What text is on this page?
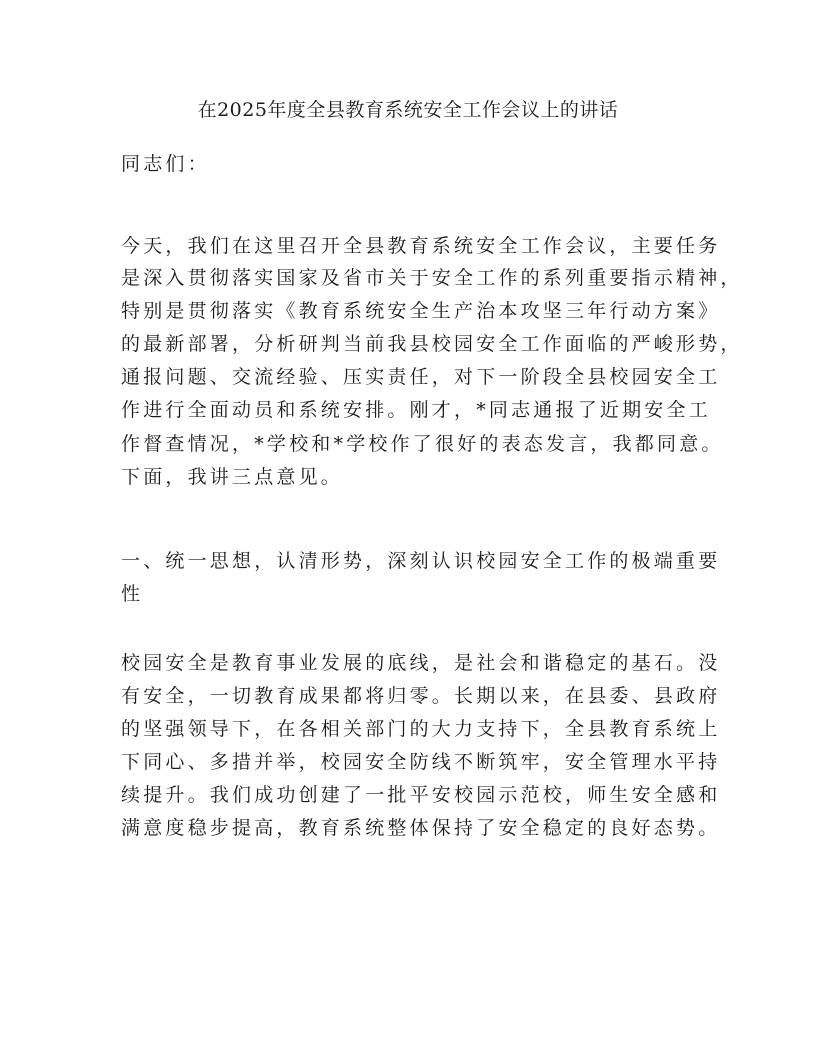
在2025年度全县教育系统安全工作会议上的讲话
同志们：
今天，我们在这里召开全县教育系统安全工作会议，主要任务
是深入贯彻落实国家及省市关于安全工作的系列重要指示精神，
特别是贯彻落实《教育系统安全生产治本攻坚三年行动方案》
的最新部署，分析研判当前我县校园安全工作面临的严峻形势，
通报问题、交流经验、压实责任，对下一阶段全县校园安全工
作进行全面动员和系统安排。刚才，*同志通报了近期安全工
作督查情况，*学校和*学校作了很好的表态发言，我都同意。
下面，我讲三点意见。
一、统一思想，认清形势，深刻认识校园安全工作的极端重要
性
校园安全是教育事业发展的底线，是社会和谐稳定的基石。没
有安全，一切教育成果都将归零。长期以来，在县委、县政府
的坚强领导下，在各相关部门的大力支持下，全县教育系统上
下同心、多措并举，校园安全防线不断筑牢，安全管理水平持
续提升。我们成功创建了一批平安校园示范校，师生安全感和
满意度稳步提高，教育系统整体保持了安全稳定的良好态势。
